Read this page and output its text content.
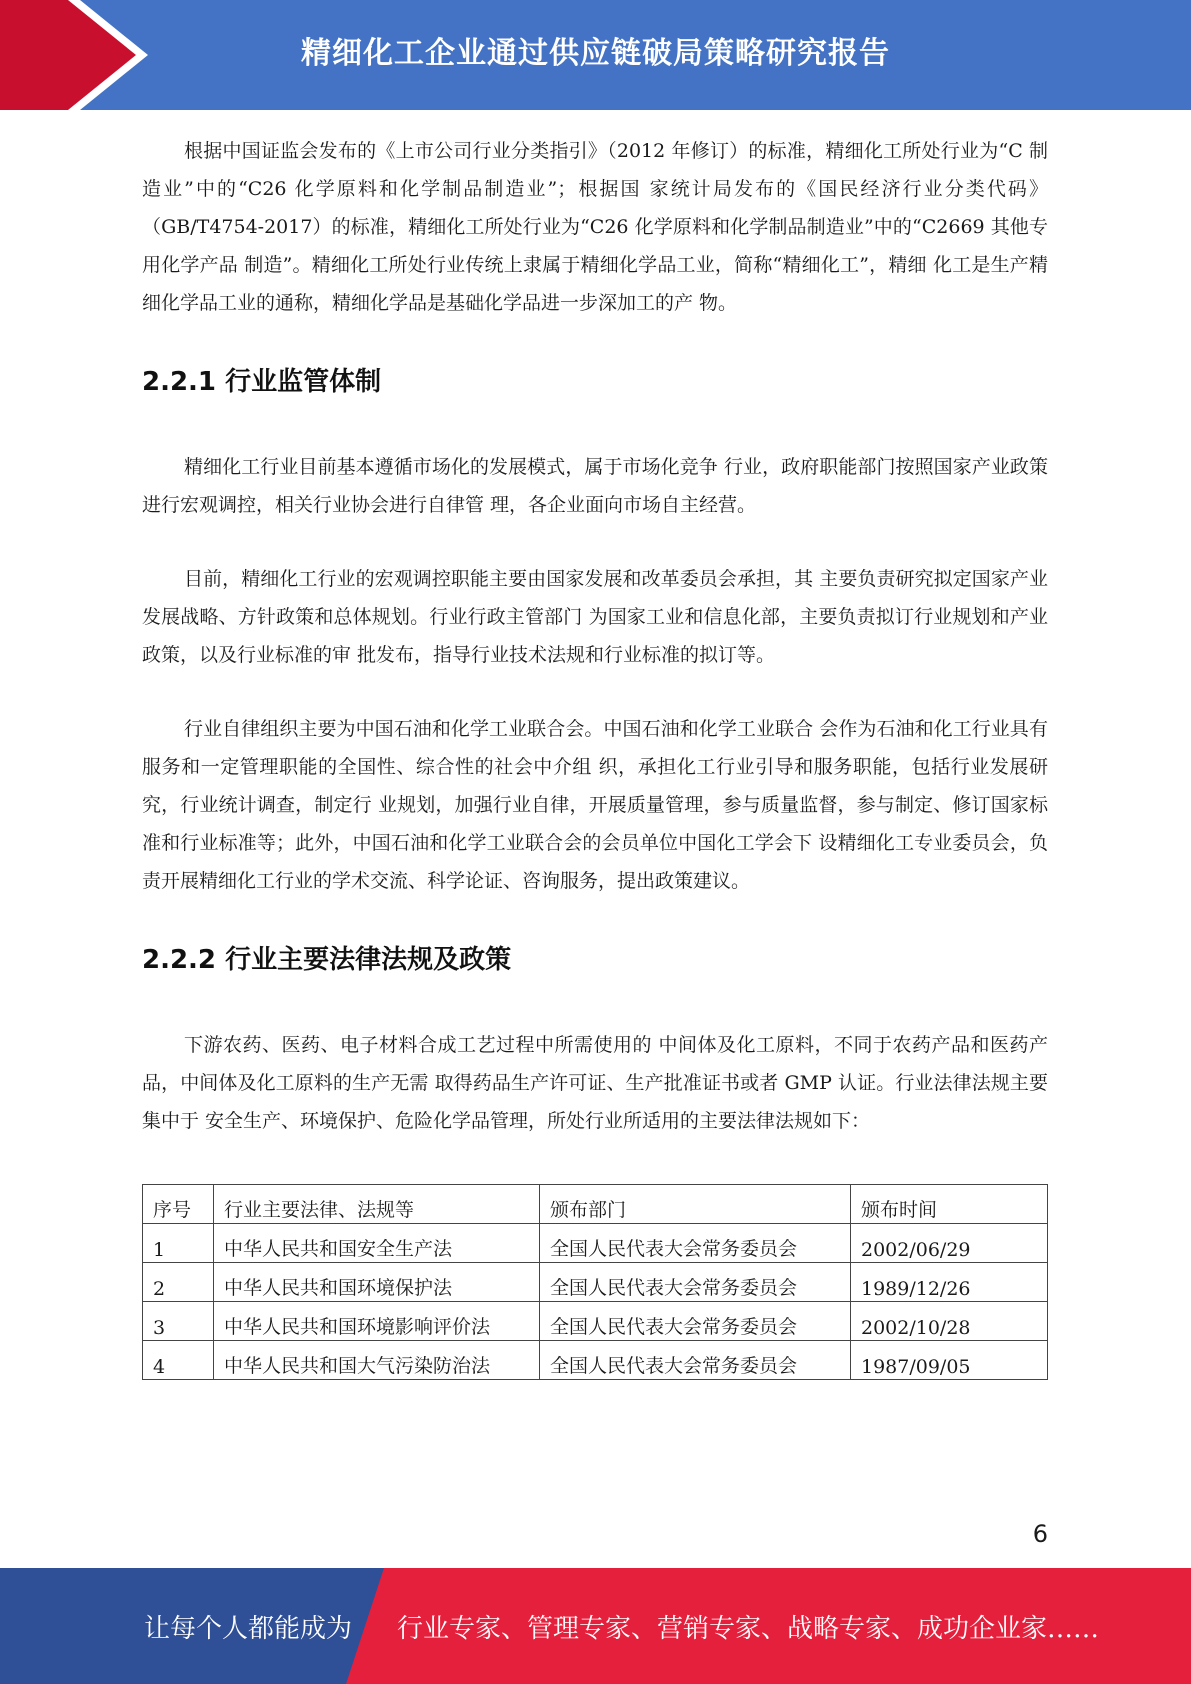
精细化工企业通过供应链破局策略研究报告

根据中国证监会发布的《上市公司行业分类指引》（2012 年修订）的标准，精细化工所处行业为“C 制造业”中的“C26 化学原料和化学制品制造业”；根据国 家统计局发布的《国民经济行业分类代码》（GB/T4754-2017）的标准，精细化工所处行业为“C26 化学原料和化学制品制造业”中的“C2669 其他专用化学产品 制造”。精细化工所处行业传统上隶属于精细化学品工业，简称“精细化工”，精细 化工是生产精细化学品工业的通称，精细化学品是基础化学品进一步深加工的产 物。

2.2.1 行业监管体制

精细化工行业目前基本遵循市场化的发展模式，属于市场化竞争 行业，政府职能部门按照国家产业政策进行宏观调控，相关行业协会进行自律管 理，各企业面向市场自主经营。

目前，精细化工行业的宏观调控职能主要由国家发展和改革委员会承担，其 主要负责研究拟定国家产业发展战略、方针政策和总体规划。行业行政主管部门 为国家工业和信息化部，主要负责拟订行业规划和产业政策，以及行业标准的审 批发布，指导行业技术法规和行业标准的拟订等。

行业自律组织主要为中国石油和化学工业联合会。中国石油和化学工业联合 会作为石油和化工行业具有服务和一定管理职能的全国性、综合性的社会中介组 织，承担化工行业引导和服务职能，包括行业发展研究，行业统计调查，制定行 业规划，加强行业自律，开展质量管理，参与质量监督，参与制定、修订国家标 准和行业标准等；此外，中国石油和化学工业联合会的会员单位中国化工学会下 设精细化工专业委员会，负责开展精细化工行业的学术交流、科学论证、咨询服务，提出政策建议。

2.2.2 行业主要法律法规及政策

下游农药、医药、电子材料合成工艺过程中所需使用的 中间体及化工原料，不同于农药产品和医药产品，中间体及化工原料的生产无需 取得药品生产许可证、生产批准证书或者 GMP 认证。行业法律法规主要集中于 安全生产、环境保护、危险化学品管理，所处行业所适用的主要法律法规如下：

序号	行业主要法律、法规等	颁布部门	颁布时间
1	中华人民共和国安全生产法	全国人民代表大会常务委员会	2002/06/29
2	中华人民共和国环境保护法	全国人民代表大会常务委员会	1989/12/26
3	中华人民共和国环境影响评价法	全国人民代表大会常务委员会	2002/10/28
4	中华人民共和国大气污染防治法	全国人民代表大会常务委员会	1987/09/05
6
让每个人都能成为 行业专家、管理专家、营销专家、战略专家、成功企业家……
